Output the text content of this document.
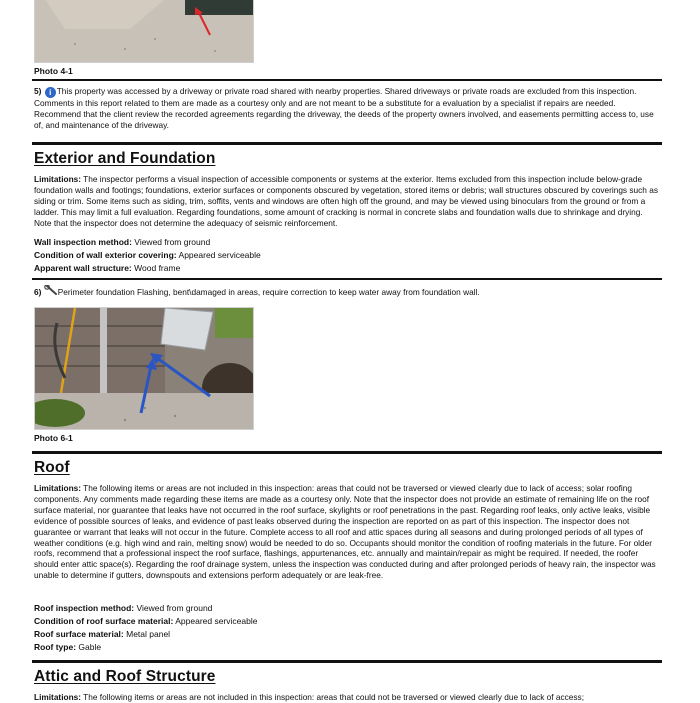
Photo 4-1
5) i This property was accessed by a driveway or private road shared with nearby properties. Shared driveways or private roads are excluded from this inspection. Comments in this report related to them are made as a courtesy only and are not meant to be a substitute for a evaluation by a specialist if repairs are needed. Recommend that the client review the recorded agreements regarding the driveway, the deeds of the property owners involved, and easements permitting access to, use of, and maintenance of the driveway.
Exterior and Foundation
Limitations: The inspector performs a visual inspection of accessible components or systems at the exterior. Items excluded from this inspection include below-grade foundation walls and footings; foundations, exterior surfaces or components obscured by vegetation, stored items or debris; wall structures obscured by coverings such as siding or trim. Some items such as siding, trim, soffits, vents and windows are often high off the ground, and may be viewed using binoculars from the ground or from a ladder. This may limit a full evaluation. Regarding foundations, some amount of cracking is normal in concrete slabs and foundation walls due to shrinkage and drying. Note that the inspector does not determine the adequacy of seismic reinforcement.
Wall inspection method: Viewed from ground
Condition of wall exterior covering: Appeared serviceable
Apparent wall structure: Wood frame
6) Perimeter foundation Flashing, bent\damaged in areas, require correction to keep water away from foundation wall.
Photo 6-1
Roof
Limitations: The following items or areas are not included in this inspection: areas that could not be traversed or viewed clearly due to lack of access; solar roofing components. Any comments made regarding these items are made as a courtesy only. Note that the inspector does not provide an estimate of remaining life on the roof surface material, nor guarantee that leaks have not occurred in the roof surface, skylights or roof penetrations in the past. Regarding roof leaks, only active leaks, visible evidence of possible sources of leaks, and evidence of past leaks observed during the inspection are reported on as part of this inspection. The inspector does not guarantee or warrant that leaks will not occur in the future. Complete access to all roof and attic spaces during all seasons and during prolonged periods of all types of weather conditions (e.g. high wind and rain, melting snow) would be needed to do so. Occupants should monitor the condition of roofing materials in the future. For older roofs, recommend that a professional inspect the roof surface, flashings, appurtenances, etc. annually and maintain/repair as might be required. If needed, the roofer should enter attic space(s). Regarding the roof drainage system, unless the inspection was conducted during and after prolonged periods of heavy rain, the inspector was unable to determine if gutters, downspouts and extensions perform adequately or are leak-free.
Roof inspection method: Viewed from ground
Condition of roof surface material: Appeared serviceable
Roof surface material: Metal panel
Roof type: Gable
Attic and Roof Structure
Limitations: The following items or areas are not included in this inspection: areas that could not be traversed or viewed clearly due to lack of access;
